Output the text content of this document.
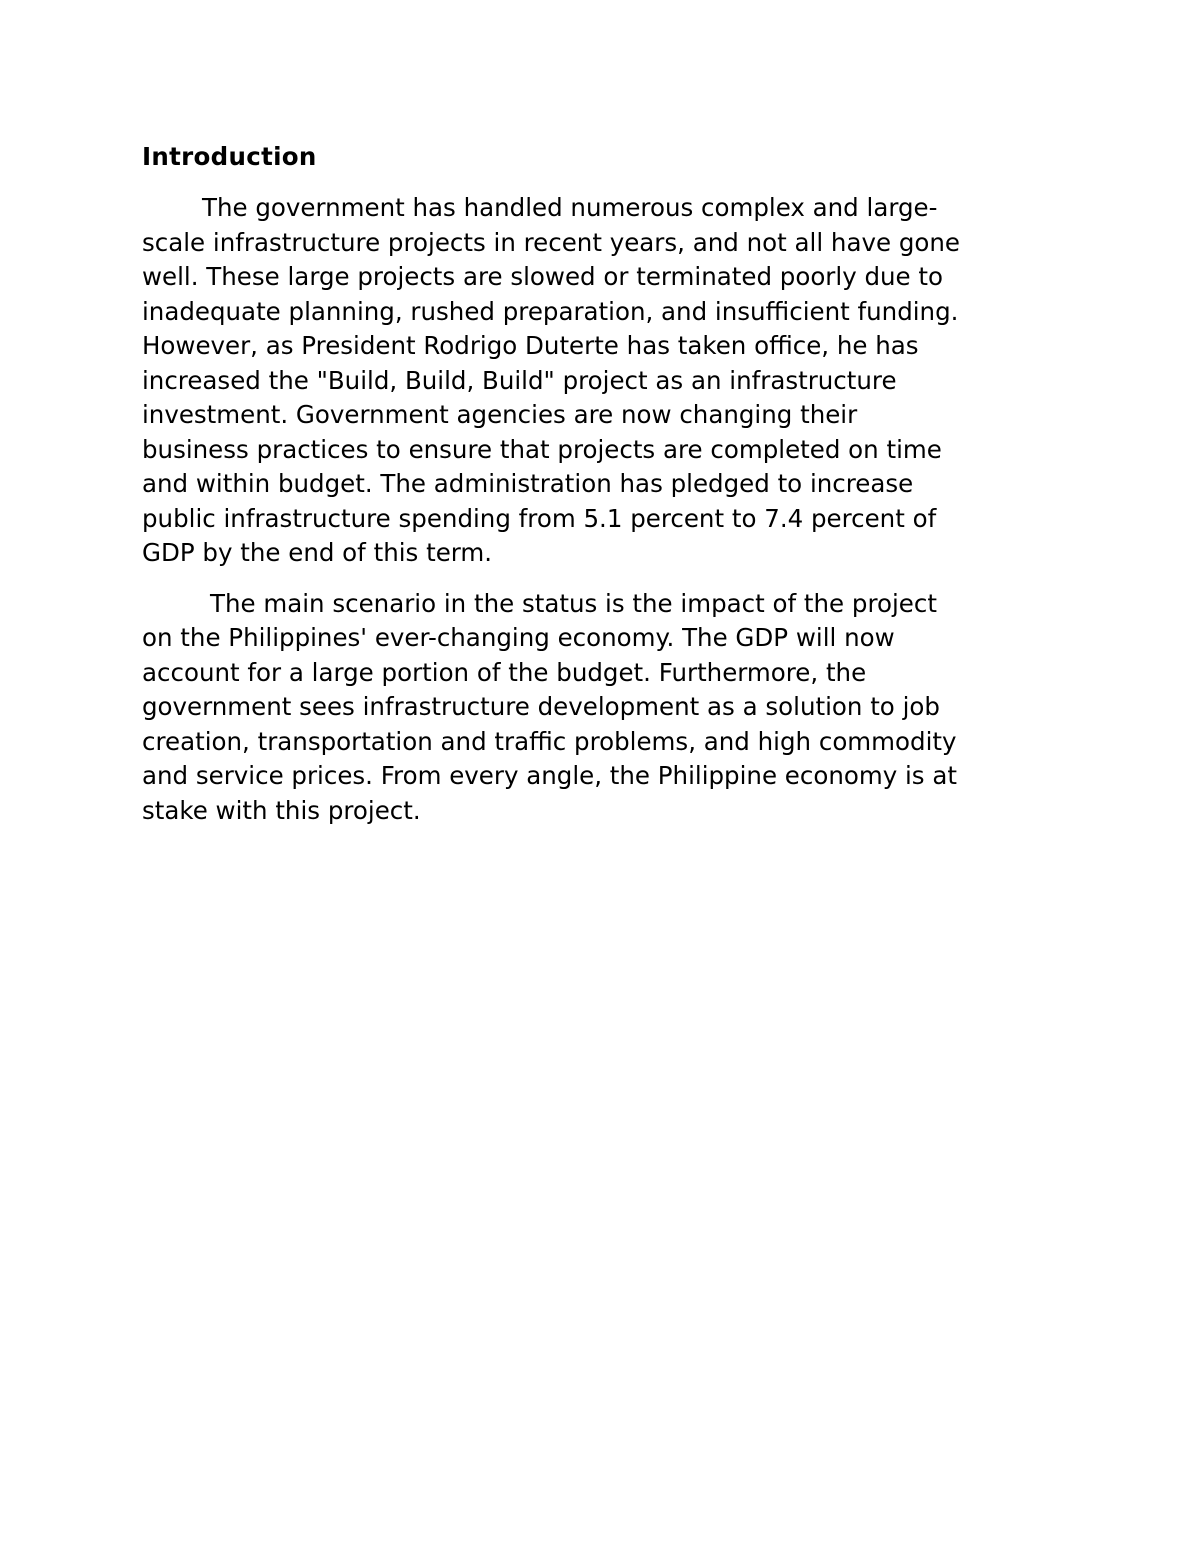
Introduction
The government has handled numerous complex and large-
scale infrastructure projects in recent years, and not all have gone
well. These large projects are slowed or terminated poorly due to
inadequate planning, rushed preparation, and insufficient funding.
However, as President Rodrigo Duterte has taken office, he has
increased the "Build, Build, Build" project as an infrastructure
investment. Government agencies are now changing their
business practices to ensure that projects are completed on time
and within budget. The administration has pledged to increase
public infrastructure spending from 5.1 percent to 7.4 percent of
GDP by the end of this term.
The main scenario in the status is the impact of the project
on the Philippines' ever-changing economy. The GDP will now
account for a large portion of the budget. Furthermore, the
government sees infrastructure development as a solution to job
creation, transportation and traffic problems, and high commodity
and service prices. From every angle, the Philippine economy is at
stake with this project.
